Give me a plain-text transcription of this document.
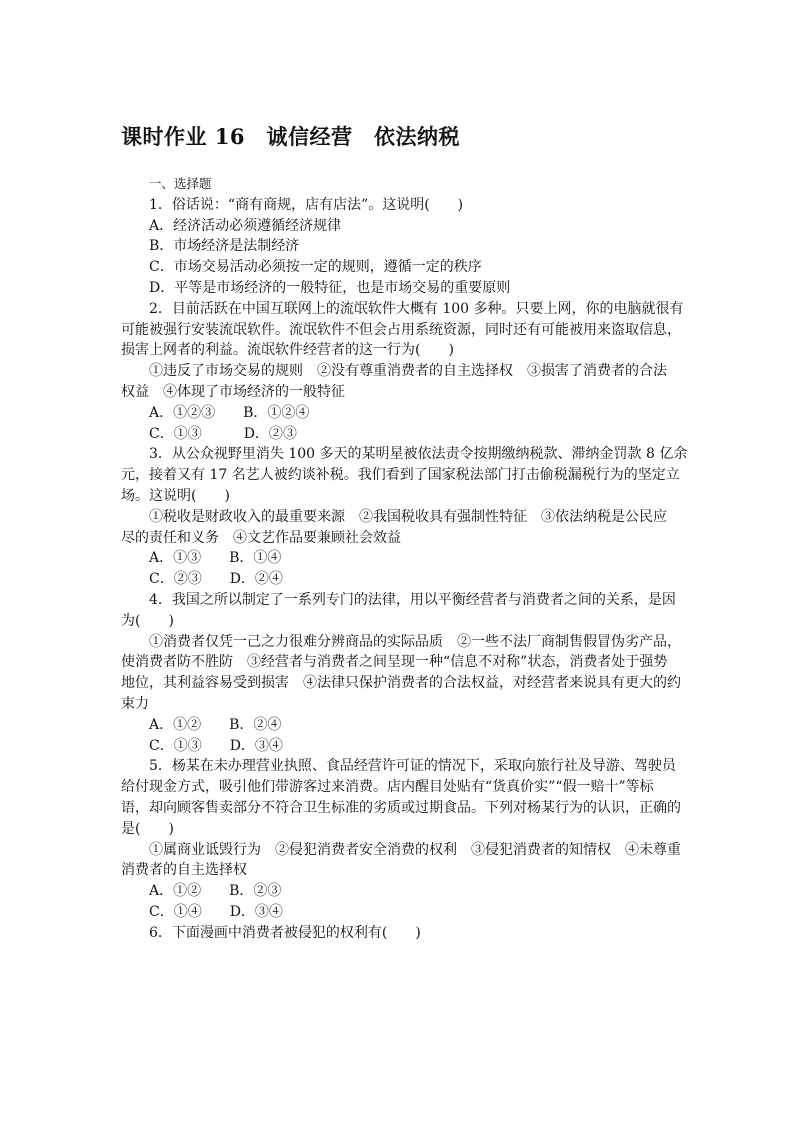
课时作业 16　诚信经营　依法纳税
一、选择题
1．俗话说：“商有商规，店有店法”。这说明(　　)
A．经济活动必须遵循经济规律
B．市场经济是法制经济
C．市场交易活动必须按一定的规则，遵循一定的秩序
D．平等是市场经济的一般特征，也是市场交易的重要原则
2．目前活跃在中国互联网上的流氓软件大概有 100 多种。只要上网，你的电脑就很有
可能被强行安装流氓软件。流氓软件不但会占用系统资源，同时还有可能被用来盗取信息，
损害上网者的利益。流氓软件经营者的这一行为(　　)
①违反了市场交易的规则　②没有尊重消费者的自主选择权　③损害了消费者的合法
权益　④体现了市场经济的一般特征
A．①②③　　B．①②④
C．①③　　　D．②③
3．从公众视野里消失 100 多天的某明星被依法责令按期缴纳税款、滞纳金罚款 8 亿余
元，接着又有 17 名艺人被约谈补税。我们看到了国家税法部门打击偷税漏税行为的坚定立
场。这说明(　　)
①税收是财政收入的最重要来源　②我国税收具有强制性特征　③依法纳税是公民应
尽的责任和义务　④文艺作品要兼顾社会效益
A．①③　　B．①④
C．②③　　D．②④
4．我国之所以制定了一系列专门的法律，用以平衡经营者与消费者之间的关系，是因
为(　　)
①消费者仅凭一己之力很难分辨商品的实际品质　②一些不法厂商制售假冒伪劣产品，
使消费者防不胜防　③经营者与消费者之间呈现一种“信息不对称”状态，消费者处于强势
地位，其利益容易受到损害　④法律只保护消费者的合法权益，对经营者来说具有更大的约
束力
A．①②　　B．②④
C．①③　　D．③④
5．杨某在未办理营业执照、食品经营许可证的情况下，采取向旅行社及导游、驾驶员
给付现金方式，吸引他们带游客过来消费。店内醒目处贴有“货真价实”“假一赔十”等标
语，却向顾客售卖部分不符合卫生标准的劣质或过期食品。下列对杨某行为的认识，正确的
是(　　)
①属商业诋毁行为　②侵犯消费者安全消费的权利　③侵犯消费者的知情权　④未尊重
消费者的自主选择权
A．①②　　B．②③
C．①④　　D．③④
6．下面漫画中消费者被侵犯的权利有(　　)
